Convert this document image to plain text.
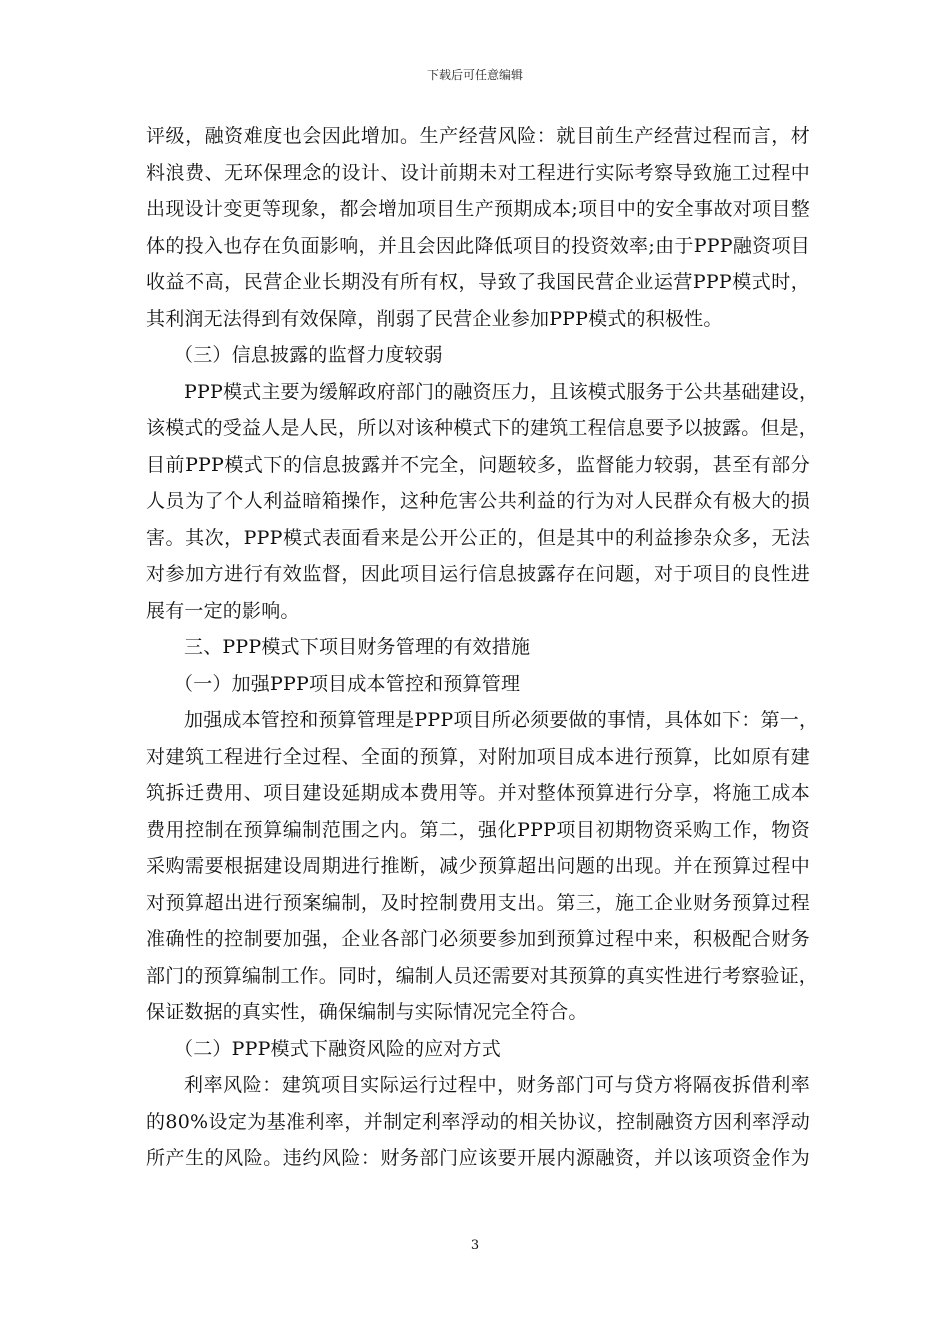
下载后可任意编辑
评级，融资难度也会因此增加。生产经营风险：就目前生产经营过程而言，材
料浪费、无环保理念的设计、设计前期未对工程进行实际考察导致施工过程中
出现设计变更等现象，都会增加项目生产预期成本;项目中的安全事故对项目整
体的投入也存在负面影响，并且会因此降低项目的投资效率;由于PPP融资项目
收益不高，民营企业长期没有所有权，导致了我国民营企业运营PPP模式时，
其利润无法得到有效保障，削弱了民营企业参加PPP模式的积极性。
（三）信息披露的监督力度较弱
PPP模式主要为缓解政府部门的融资压力，且该模式服务于公共基础建设，
该模式的受益人是人民，所以对该种模式下的建筑工程信息要予以披露。但是，
目前PPP模式下的信息披露并不完全，问题较多，监督能力较弱，甚至有部分
人员为了个人利益暗箱操作，这种危害公共利益的行为对人民群众有极大的损
害。其次，PPP模式表面看来是公开公正的，但是其中的利益掺杂众多，无法
对参加方进行有效监督，因此项目运行信息披露存在问题，对于项目的良性进
展有一定的影响。
三、PPP模式下项目财务管理的有效措施
（一）加强PPP项目成本管控和预算管理
加强成本管控和预算管理是PPP项目所必须要做的事情，具体如下：第一，
对建筑工程进行全过程、全面的预算，对附加项目成本进行预算，比如原有建
筑拆迁费用、项目建设延期成本费用等。并对整体预算进行分享，将施工成本
费用控制在预算编制范围之内。第二，强化PPP项目初期物资采购工作，物资
采购需要根据建设周期进行推断，减少预算超出问题的出现。并在预算过程中
对预算超出进行预案编制，及时控制费用支出。第三，施工企业财务预算过程
准确性的控制要加强，企业各部门必须要参加到预算过程中来，积极配合财务
部门的预算编制工作。同时，编制人员还需要对其预算的真实性进行考察验证，
保证数据的真实性，确保编制与实际情况完全符合。
（二）PPP模式下融资风险的应对方式
利率风险：建筑项目实际运行过程中，财务部门可与贷方将隔夜拆借利率
的80%设定为基准利率，并制定利率浮动的相关协议，控制融资方因利率浮动
所产生的风险。违约风险：财务部门应该要开展内源融资，并以该项资金作为
3
